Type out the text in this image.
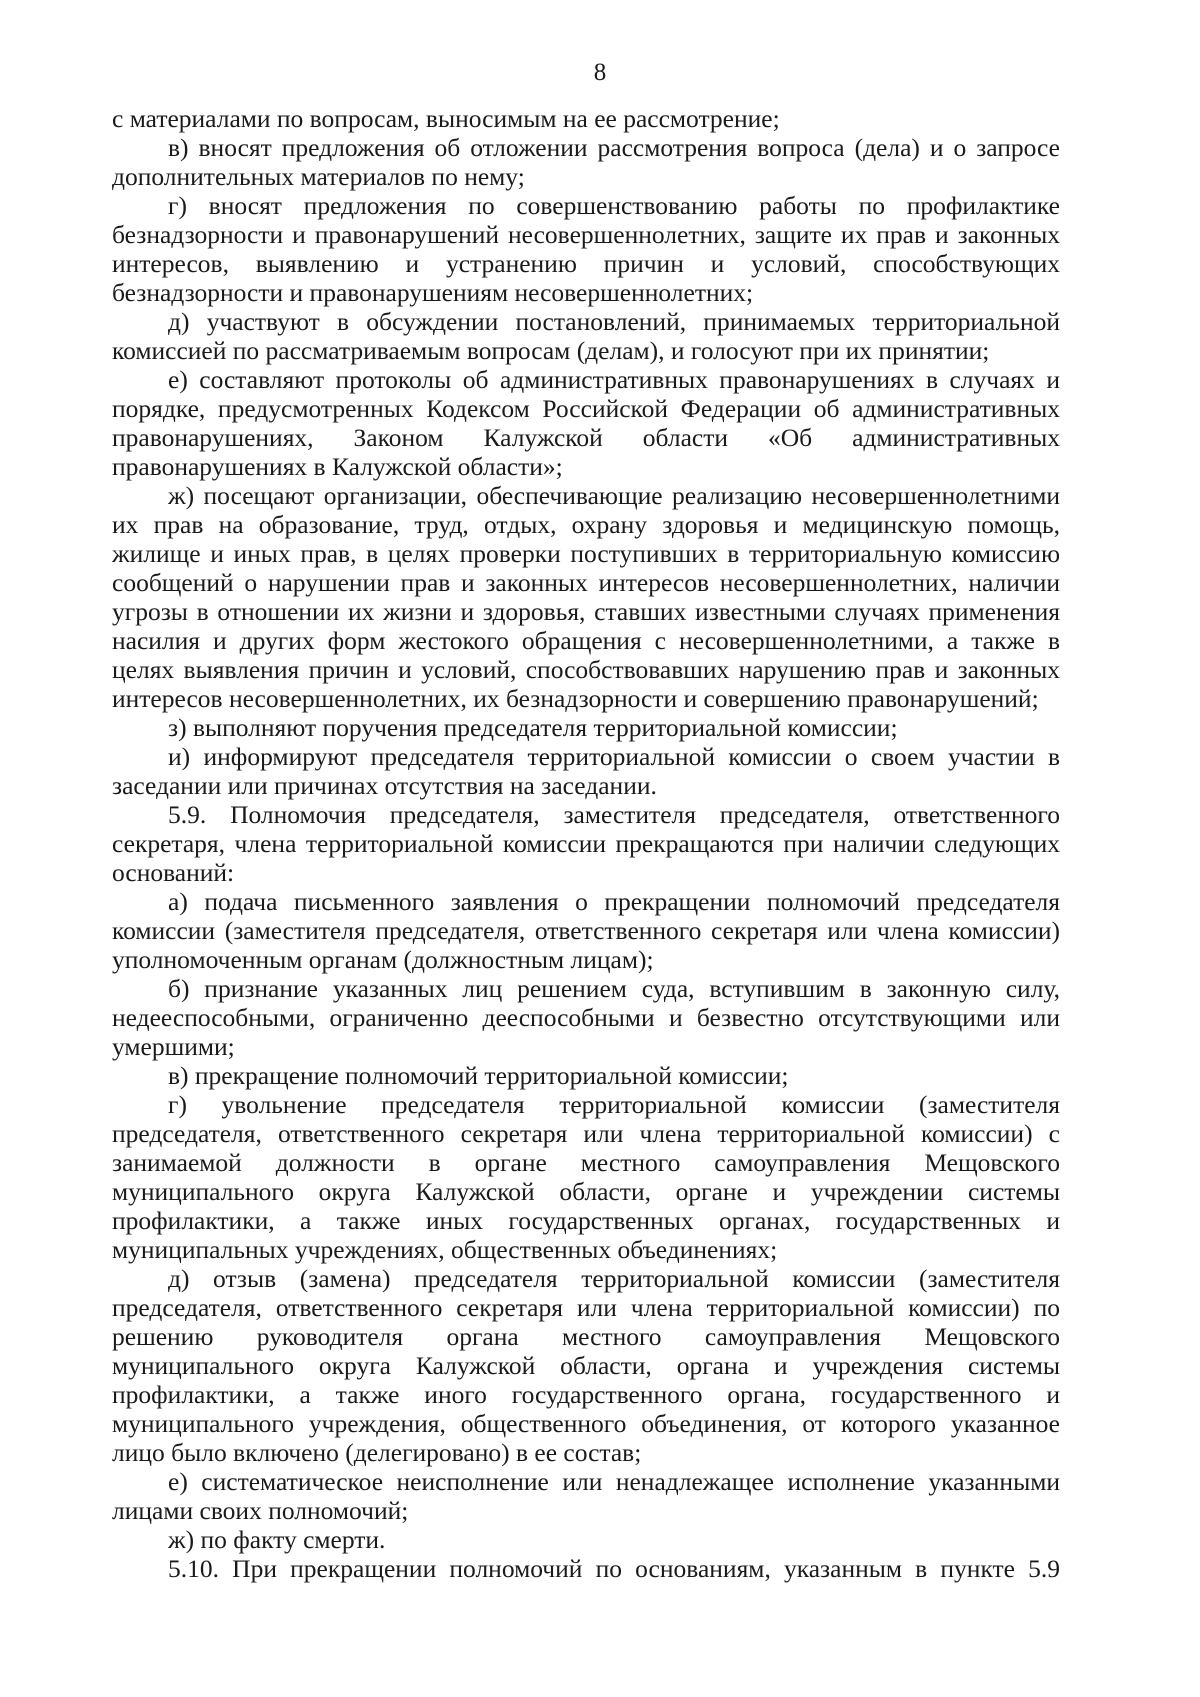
8

с материалами по вопросам, выносимым на ее рассмотрение;

в) вносят предложения об отложении рассмотрения вопроса (дела) и о запросе дополнительных материалов по нему;

г) вносят предложения по совершенствованию работы по профилактике безнадзорности и правонарушений несовершеннолетних, защите их прав и законных интересов, выявлению и устранению причин и условий, способствующих безнадзорности и правонарушениям несовершеннолетних;

д) участвуют в обсуждении постановлений, принимаемых территориальной комиссией по рассматриваемым вопросам (делам), и голосуют при их принятии;

е) составляют протоколы об административных правонарушениях в случаях и порядке, предусмотренных Кодексом Российской Федерации об административных правонарушениях, Законом Калужской области «Об административных правонарушениях в Калужской области»;

ж) посещают организации, обеспечивающие реализацию несовершеннолетними их прав на образование, труд, отдых, охрану здоровья и медицинскую помощь, жилище и иных прав, в целях проверки поступивших в территориальную комиссию сообщений о нарушении прав и законных интересов несовершеннолетних, наличии угрозы в отношении их жизни и здоровья, ставших известными случаях применения насилия и других форм жестокого обращения с несовершеннолетними, а также в целях выявления причин и условий, способствовавших нарушению прав и законных интересов несовершеннолетних, их безнадзорности и совершению правонарушений;

з) выполняют поручения председателя территориальной комиссии;

и) информируют председателя территориальной комиссии о своем участии в заседании или причинах отсутствия на заседании.

5.9. Полномочия председателя, заместителя председателя, ответственного секретаря, члена территориальной комиссии прекращаются при наличии следующих оснований:

а) подача письменного заявления о прекращении полномочий председателя комиссии (заместителя председателя, ответственного секретаря или члена комиссии) уполномоченным органам (должностным лицам);

б) признание указанных лиц решением суда, вступившим в законную силу, недееспособными, ограниченно дееспособными и безвестно отсутствующими или умершими;

в) прекращение полномочий территориальной комиссии;

г) увольнение председателя территориальной комиссии (заместителя председателя, ответственного секретаря или члена территориальной комиссии) с занимаемой должности в органе местного самоуправления Мещовского муниципального округа Калужской области, органе и учреждении системы профилактики, а также иных государственных органах, государственных и муниципальных учреждениях, общественных объединениях;

д) отзыв (замена) председателя территориальной комиссии (заместителя председателя, ответственного секретаря или члена территориальной комиссии) по решению руководителя органа местного самоуправления Мещовского муниципального округа Калужской области, органа и учреждения системы профилактики, а также иного государственного органа, государственного и муниципального учреждения, общественного объединения, от которого указанное лицо было включено (делегировано) в ее состав;

е) систематическое неисполнение или ненадлежащее исполнение указанными лицами своих полномочий;

ж) по факту смерти.

5.10. При прекращении полномочий по основаниям, указанным в пункте 5.9
